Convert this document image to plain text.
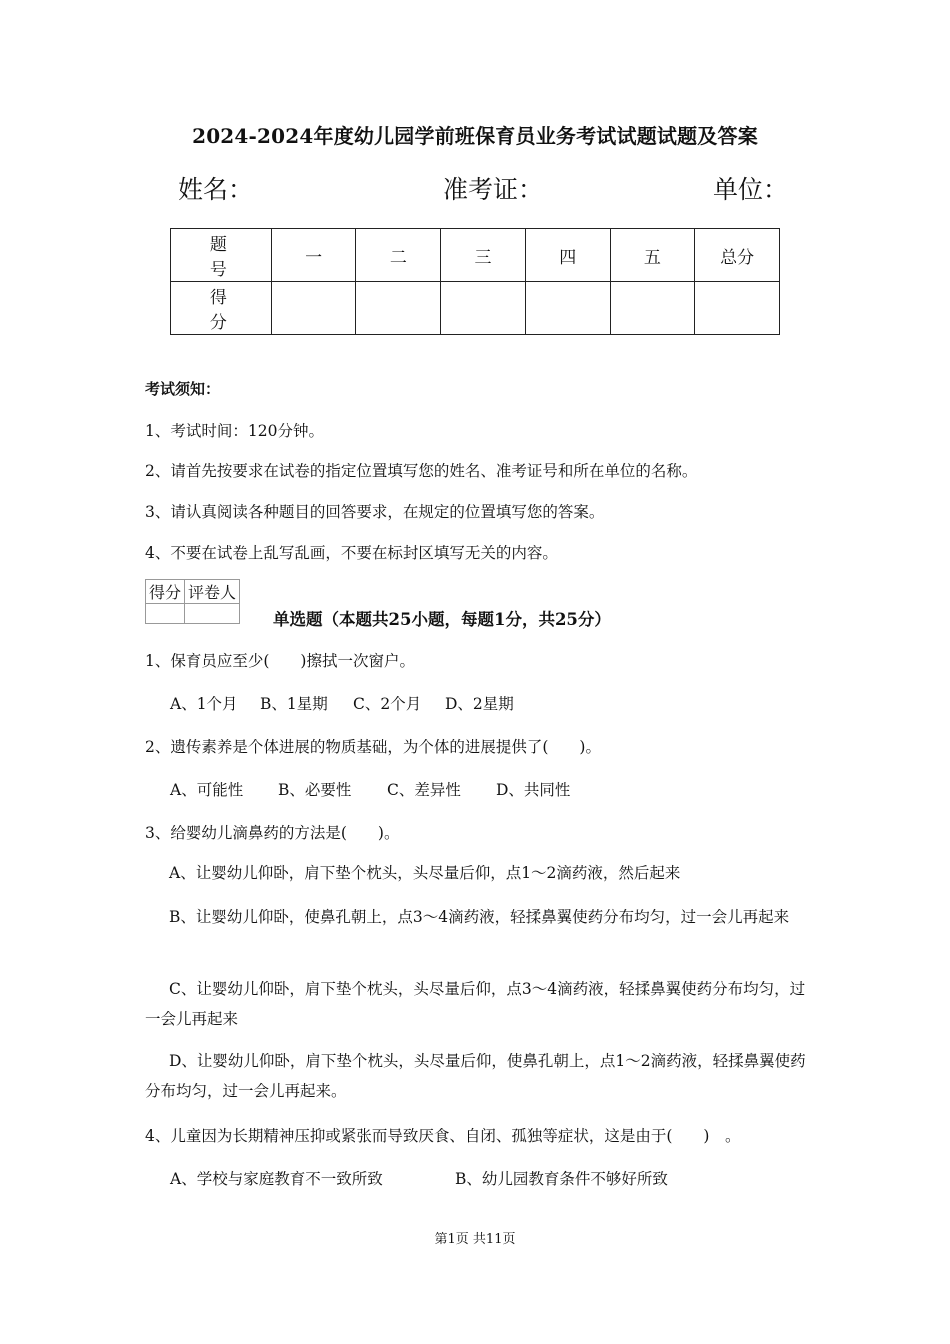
2024-2024年度幼儿园学前班保育员业务考试试题试题及答案
姓名：	准考证：	单位：
题　号	一	二	三	四	五	总分
得　分						
考试须知：
1、考试时间：120分钟。
2、请首先按要求在试卷的指定位置填写您的姓名、准考证号和所在单位的名称。
3、请认真阅读各种题目的回答要求，在规定的位置填写您的答案。
4、不要在试卷上乱写乱画，不要在标封区填写无关的内容。
得分	评卷人

单选题（本题共25小题，每题1分，共25分）
1、保育员应至少(　　)擦拭一次窗户。
A、1个月 B、1星期 C、2个月 D、2星期
2、遗传素养是个体进展的物质基础，为个体的进展提供了(　　)。
A、可能性 B、必要性 C、差异性 D、共同性
3、给婴幼儿滴鼻药的方法是(　　)。
A、让婴幼儿仰卧，肩下垫个枕头，头尽量后仰，点1～2滴药液，然后起来
B、让婴幼儿仰卧，使鼻孔朝上，点3～4滴药液，轻揉鼻翼使药分布均匀，过一会儿再起来
C、让婴幼儿仰卧，肩下垫个枕头，头尽量后仰，点3～4滴药液，轻揉鼻翼使药分布均匀，过一会儿再起来
D、让婴幼儿仰卧，肩下垫个枕头，头尽量后仰，使鼻孔朝上，点1～2滴药液，轻揉鼻翼使药分布均匀，过一会儿再起来。
4、儿童因为长期精神压抑或紧张而导致厌食、自闭、孤独等症状，这是由于(　　)　。
A、学校与家庭教育不一致所致	B、幼儿园教育条件不够好所致
第1页 共11页
